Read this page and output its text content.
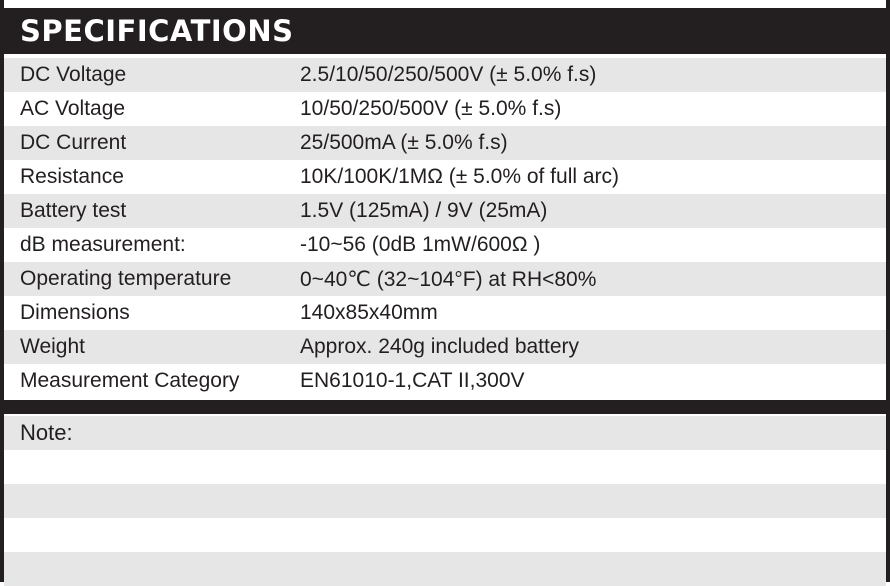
SPECIFICATIONS
DC Voltage	2.5/10/50/250/500V (± 5.0% f.s)
AC Voltage	10/50/250/500V (± 5.0% f.s)
DC Current	25/500mA (± 5.0% f.s)
Resistance	10K/100K/1MΩ (± 5.0% of full arc)
Battery test	1.5V (125mA) / 9V (25mA)
dB measurement:	-10~56 (0dB 1mW/600Ω )
Operating temperature	0~40℃ (32~104°F) at RH<80%
Dimensions	140x85x40mm
Weight	Approx. 240g included battery
Measurement Category	EN61010-1,CAT II,300V
Note:
